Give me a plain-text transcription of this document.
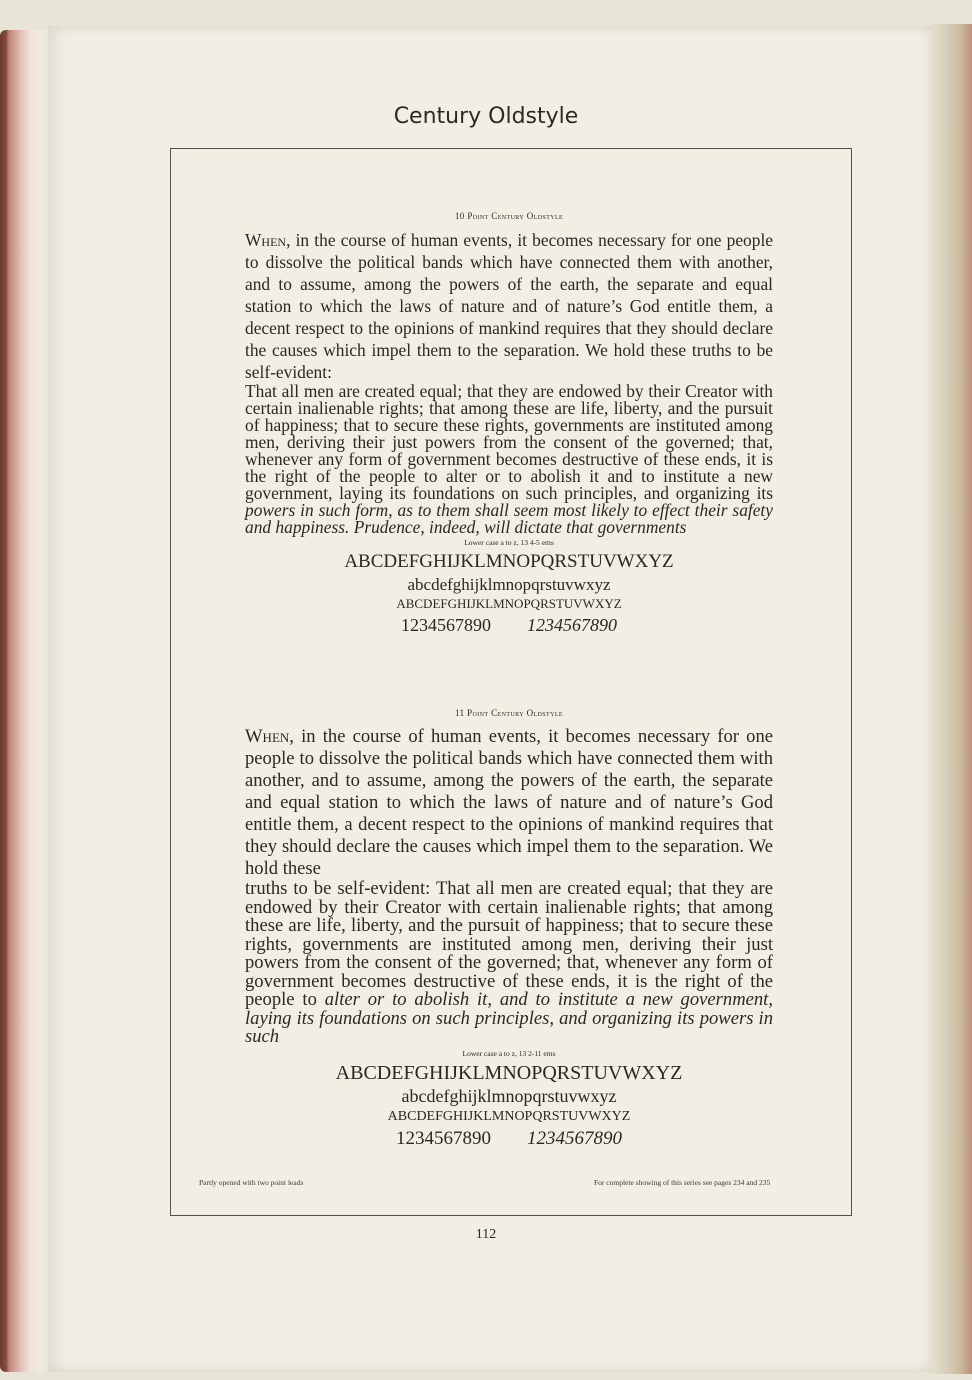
Century Oldstyle

10 Point Century Oldstyle

When, in the course of human events, it becomes necessary for one people to dissolve the political bands which have connected them with another, and to assume, among the powers of the earth, the separate and equal station to which the laws of nature and of nature’s God entitle them, a decent respect to the opinions of mankind requires that they should declare the causes which impel them to the separation. We hold these truths to be self-evident:

That all men are created equal; that they are endowed by their Creator with certain inalienable rights; that among these are life, liberty, and the pursuit of happiness; that to secure these rights, governments are instituted among men, deriving their just powers from the consent of the governed; that, whenever any form of government becomes destructive of these ends, it is the right of the people to alter or to abolish it and to institute a new government, laying its foundations on such principles, and organizing its powers in such form, as to them shall seem most likely to effect their safety and happiness. Prudence, indeed, will dictate that governments

Lower case a to z, 13 4-5 ems

ABCDEFGHIJKLMNOPQRSTUVWXYZ

abcdefghijklmnopqrstuvwxyz

ABCDEFGHIJKLMNOPQRSTUVWXYZ

1234567890 1234567890

11 Point Century Oldstyle

When, in the course of human events, it becomes necessary for one people to dissolve the political bands which have connected them with another, and to assume, among the powers of the earth, the separate and equal station to which the laws of nature and of nature’s God entitle them, a decent respect to the opinions of mankind requires that they should declare the causes which impel them to the separation. We hold these

truths to be self-evident: That all men are created equal; that they are endowed by their Creator with certain inalienable rights; that among these are life, liberty, and the pursuit of happiness; that to secure these rights, governments are instituted among men, deriving their just powers from the consent of the governed; that, whenever any form of government becomes destructive of these ends, it is the right of the people to alter or to abolish it, and to institute a new government, laying its foundations on such principles, and organizing its powers in such

Lower case a to z, 13 2-11 ems

ABCDEFGHIJKLMNOPQRSTUVWXYZ

abcdefghijklmnopqrstuvwxyz

ABCDEFGHIJKLMNOPQRSTUVWXYZ

1234567890 1234567890

Partly opened with two point leads	For complete showing of this series see pages 234 and 235
112
